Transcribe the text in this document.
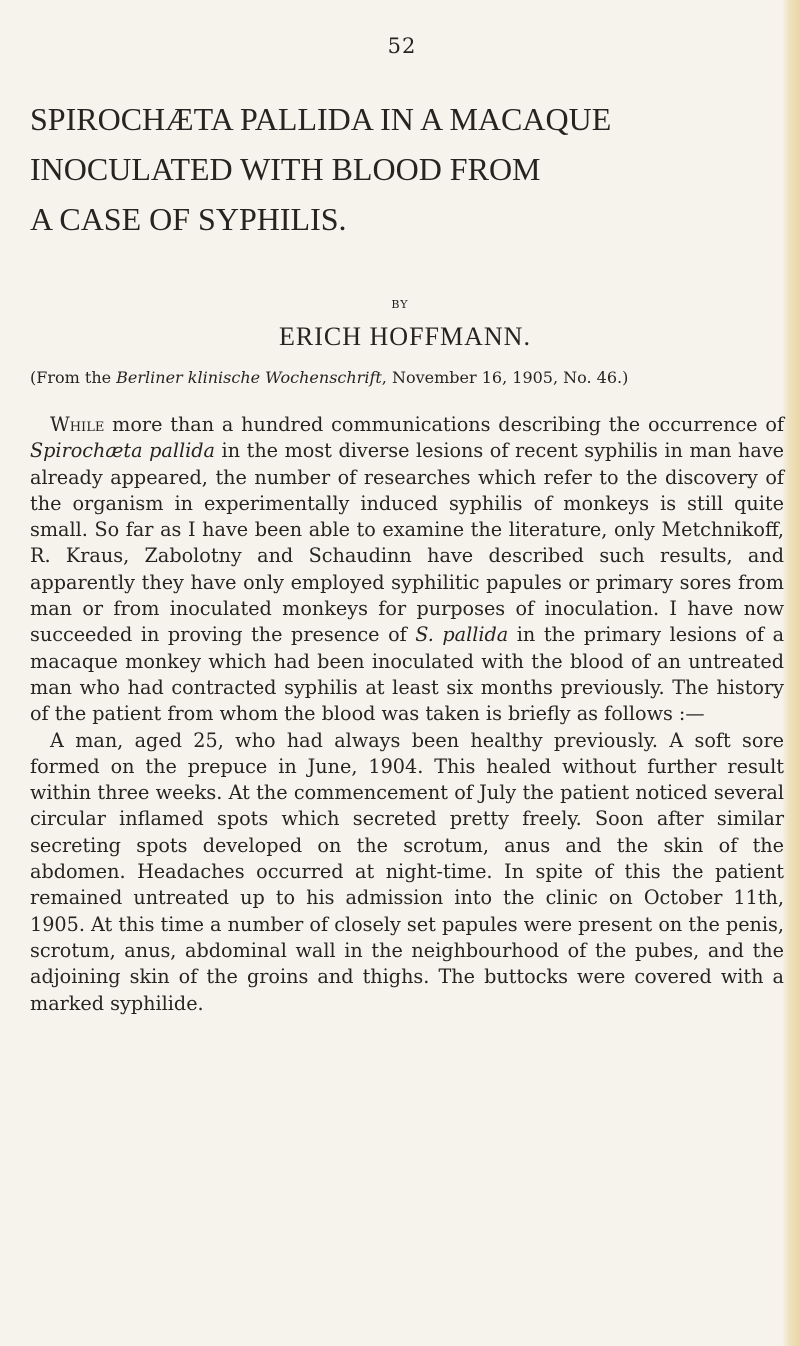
52
SPIROCHÆTA PALLIDA IN A MACAQUE
INOCULATED WITH BLOOD FROM
A CASE OF SYPHILIS.
BY
ERICH HOFFMANN.
(From the Berliner klinische Wochenschrift, November 16, 1905, No. 46.)

While more than a hundred communications describing the occurrence of Spirochæta pallida in the most diverse lesions of recent syphilis in man have already appeared, the number of researches which refer to the discovery of the organism in experimentally induced syphilis of monkeys is still quite small. So far as I have been able to examine the literature, only Metchnikoff, R. Kraus, Zabolotny and Schaudinn have described such results, and apparently they have only employed syphilitic papules or primary sores from man or from inoculated monkeys for purposes of inoculation. I have now succeeded in proving the presence of S. pallida in the primary lesions of a macaque monkey which had been inoculated with the blood of an untreated man who had contracted syphilis at least six months previously. The history of the patient from whom the blood was taken is briefly as follows :—

A man, aged 25, who had always been healthy previously. A soft sore formed on the prepuce in June, 1904. This healed without further result within three weeks. At the commencement of July the patient noticed several circular inflamed spots which secreted pretty freely. Soon after similar secreting spots developed on the scrotum, anus and the skin of the abdomen. Headaches occurred at night-time. In spite of this the patient remained untreated up to his admission into the clinic on October 11th, 1905. At this time a number of closely set papules were present on the penis, scrotum, anus, abdominal wall in the neighbourhood of the pubes, and the adjoining skin of the groins and thighs. The buttocks were covered with a marked syphilide.
